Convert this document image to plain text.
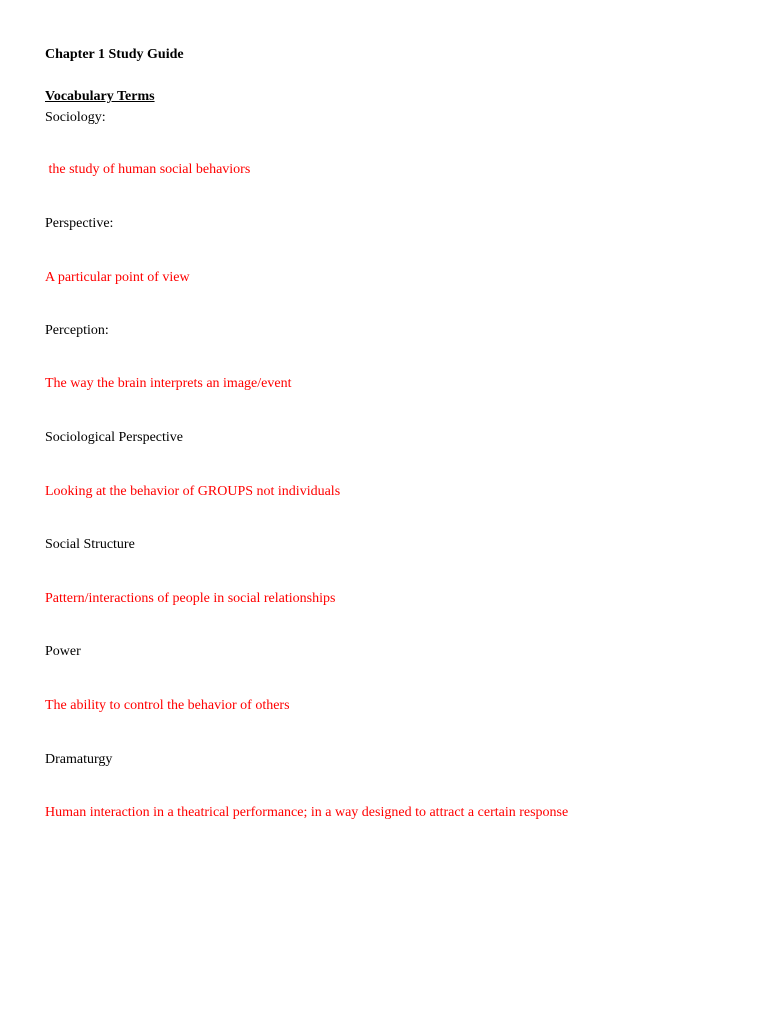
Chapter 1 Study Guide
Vocabulary Terms
Sociology:
the study of human social behaviors
Perspective:
A particular point of view
Perception:
The way the brain interprets an image/event
Sociological Perspective
Looking at the behavior of GROUPS not individuals
Social Structure
Pattern/interactions of people in social relationships
Power
The ability to control the behavior of others
Dramaturgy
Human interaction in a theatrical performance; in a way designed to attract a certain response
